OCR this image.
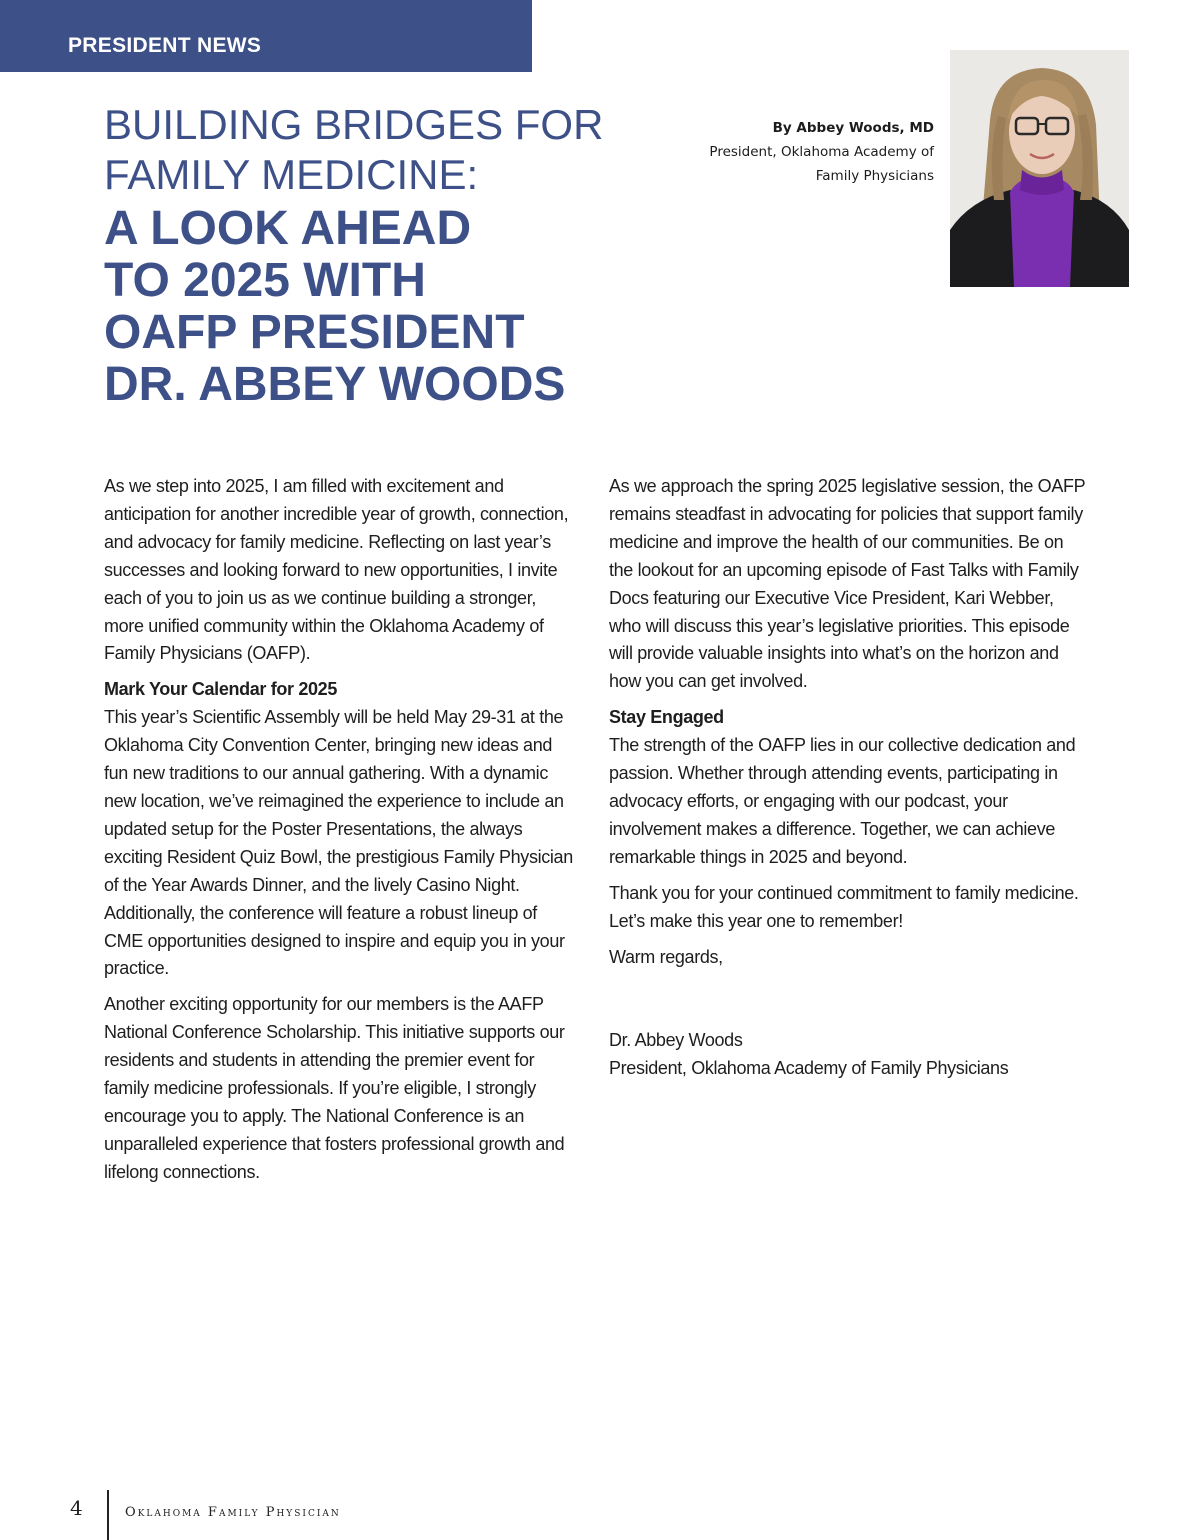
PRESIDENT NEWS
BUILDING BRIDGES FOR
FAMILY MEDICINE:
A LOOK AHEAD
TO 2025 WITH
OAFP PRESIDENT
DR. ABBEY WOODS
By Abbey Woods, MD
President, Oklahoma Academy of
Family Physicians

As we step into 2025, I am filled with excitement and anticipation for another incredible year of growth, connection, and advocacy for family medicine. Reflecting on last year’s successes and looking forward to new opportunities, I invite each of you to join us as we continue building a stronger, more unified community within the Oklahoma Academy of Family Physicians (OAFP).

Mark Your Calendar for 2025

This year’s Scientific Assembly will be held May 29-31 at the Oklahoma City Convention Center, bringing new ideas and fun new traditions to our annual gathering. With a dynamic new location, we’ve reimagined the experience to include an updated setup for the Poster Presentations, the always exciting Resident Quiz Bowl, the prestigious Family Physician of the Year Awards Dinner, and the lively Casino Night. Additionally, the conference will feature a robust lineup of CME opportunities designed to inspire and equip you in your practice.

Another exciting opportunity for our members is the AAFP National Conference Scholarship. This initiative supports our residents and students in attending the premier event for family medicine professionals. If you’re eligible, I strongly encourage you to apply. The National Conference is an unparalleled experience that fosters professional growth and lifelong connections.

As we approach the spring 2025 legislative session, the OAFP remains steadfast in advocating for policies that support family medicine and improve the health of our communities. Be on the lookout for an upcoming episode of Fast Talks with Family Docs featuring our Executive Vice President, Kari Webber, who will discuss this year’s legislative priorities. This episode will provide valuable insights into what’s on the horizon and how you can get involved.

Stay Engaged

The strength of the OAFP lies in our collective dedication and passion. Whether through attending events, participating in advocacy efforts, or engaging with our podcast, your involvement makes a difference. Together, we can achieve remarkable things in 2025 and beyond.

Thank you for your continued commitment to family medicine. Let’s make this year one to remember!

Warm regards,

Dr. Abbey Woods
President, Oklahoma Academy of Family Physicians
4	Oklahoma Family Physician
